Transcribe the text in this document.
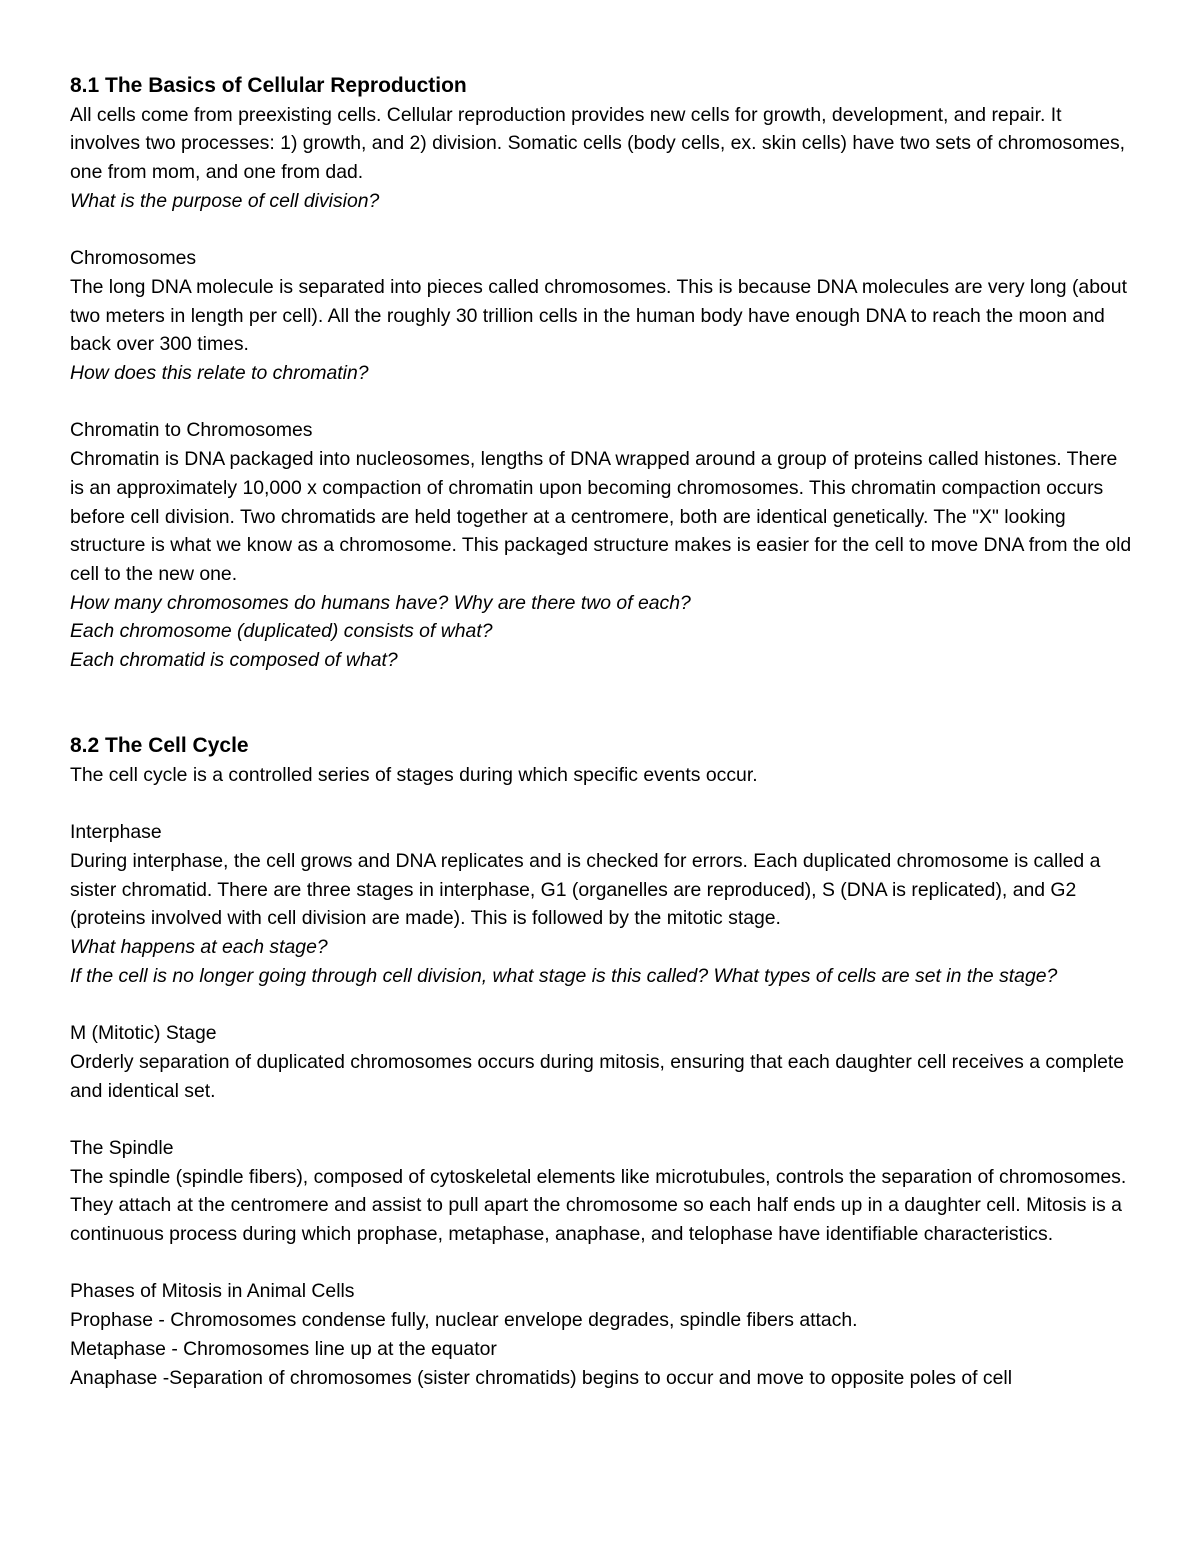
8.1 The Basics of Cellular Reproduction

All cells come from preexisting cells. Cellular reproduction provides new cells for growth, development, and repair. It involves two processes: 1) growth, and 2) division. Somatic cells (body cells, ex. skin cells) have two sets of chromosomes, one from mom, and one from dad.

What is the purpose of cell division?

Chromosomes

The long DNA molecule is separated into pieces called chromosomes. This is because DNA molecules are very long (about two meters in length per cell). All the roughly 30 trillion cells in the human body have enough DNA to reach the moon and back over 300 times.

How does this relate to chromatin?

Chromatin to Chromosomes

Chromatin is DNA packaged into nucleosomes, lengths of DNA wrapped around a group of proteins called histones. There is an approximately 10,000 x compaction of chromatin upon becoming chromosomes. This chromatin compaction occurs before cell division. Two chromatids are held together at a centromere, both are identical genetically. The "X" looking structure is what we know as a chromosome. This packaged structure makes is easier for the cell to move DNA from the old cell to the new one.

How many chromosomes do humans have? Why are there two of each?

Each chromosome (duplicated) consists of what?

Each chromatid is composed of what?

8.2 The Cell Cycle

The cell cycle is a controlled series of stages during which specific events occur.

Interphase

During interphase, the cell grows and DNA replicates and is checked for errors. Each duplicated chromosome is called a sister chromatid. There are three stages in interphase, G1 (organelles are reproduced), S (DNA is replicated), and G2 (proteins involved with cell division are made). This is followed by the mitotic stage.

What happens at each stage?

If the cell is no longer going through cell division, what stage is this called? What types of cells are set in the stage?

M (Mitotic) Stage

Orderly separation of duplicated chromosomes occurs during mitosis, ensuring that each daughter cell receives a complete and identical set.

The Spindle

The spindle (spindle fibers), composed of cytoskeletal elements like microtubules, controls the separation of chromosomes. They attach at the centromere and assist to pull apart the chromosome so each half ends up in a daughter cell. Mitosis is a continuous process during which prophase, metaphase, anaphase, and telophase have identifiable characteristics.

Phases of Mitosis in Animal Cells

Prophase - Chromosomes condense fully, nuclear envelope degrades, spindle fibers attach.

Metaphase - Chromosomes line up at the equator

Anaphase -Separation of chromosomes (sister chromatids) begins to occur and move to opposite poles of cell
